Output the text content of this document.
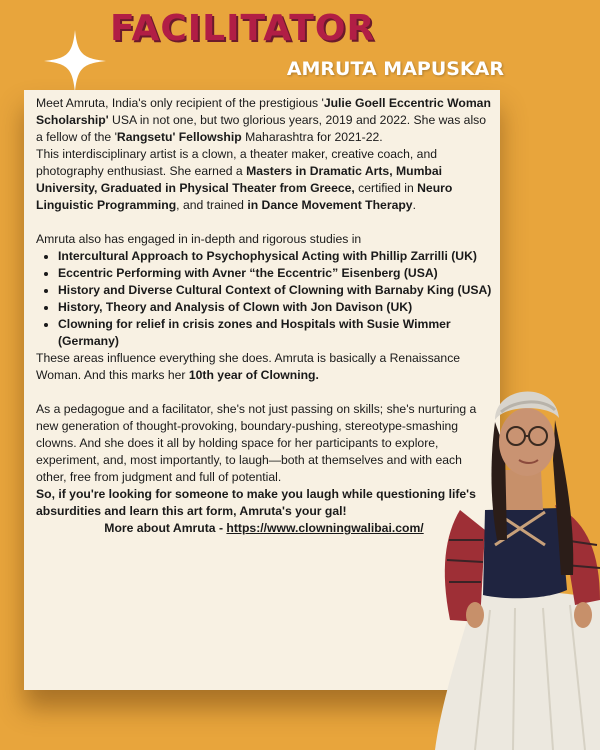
FACILITATOR
AMRUTA MAPUSKAR

Meet Amruta, India's only recipient of the prestigious 'Julie Goell Eccentric Woman Scholarship' USA in not one, but two glorious years, 2019 and 2022. She was also a fellow of the 'Rangsetu' Fellowship Maharashtra for 2021-22.

This interdisciplinary artist is a clown, a theater maker, creative coach, and photography enthusiast. She earned a Masters in Dramatic Arts, Mumbai University, Graduated in Physical Theater from Greece, certified in Neuro Linguistic Programming, and trained in Dance Movement Therapy.

Amruta also has engaged in in-depth and rigorous studies in

• Intercultural Approach to Psychophysical Acting with Phillip Zarrilli (UK)
• Eccentric Performing with Avner “the Eccentric” Eisenberg (USA)
• History and Diverse Cultural Context of Clowning with Barnaby King (USA)
• History, Theory and Analysis of Clown with Jon Davison (UK)
• Clowning for relief in crisis zones and Hospitals with Susie Wimmer (Germany)

These areas influence everything she does. Amruta is basically a Renaissance Woman. And this marks her 10th year of Clowning.

As a pedagogue and a facilitator, she's not just passing on skills; she's nurturing a new generation of thought-provoking, boundary-pushing, stereotype-smashing clowns. And she does it all by holding space for her participants to explore, experiment, and, most importantly, to laugh—both at themselves and with each other, free from judgment and full of potential.

So, if you're looking for someone to make you laugh while questioning life's absurdities and learn this art form, Amruta's your gal!

More about Amruta - https://www.clowningwalibai.com/
